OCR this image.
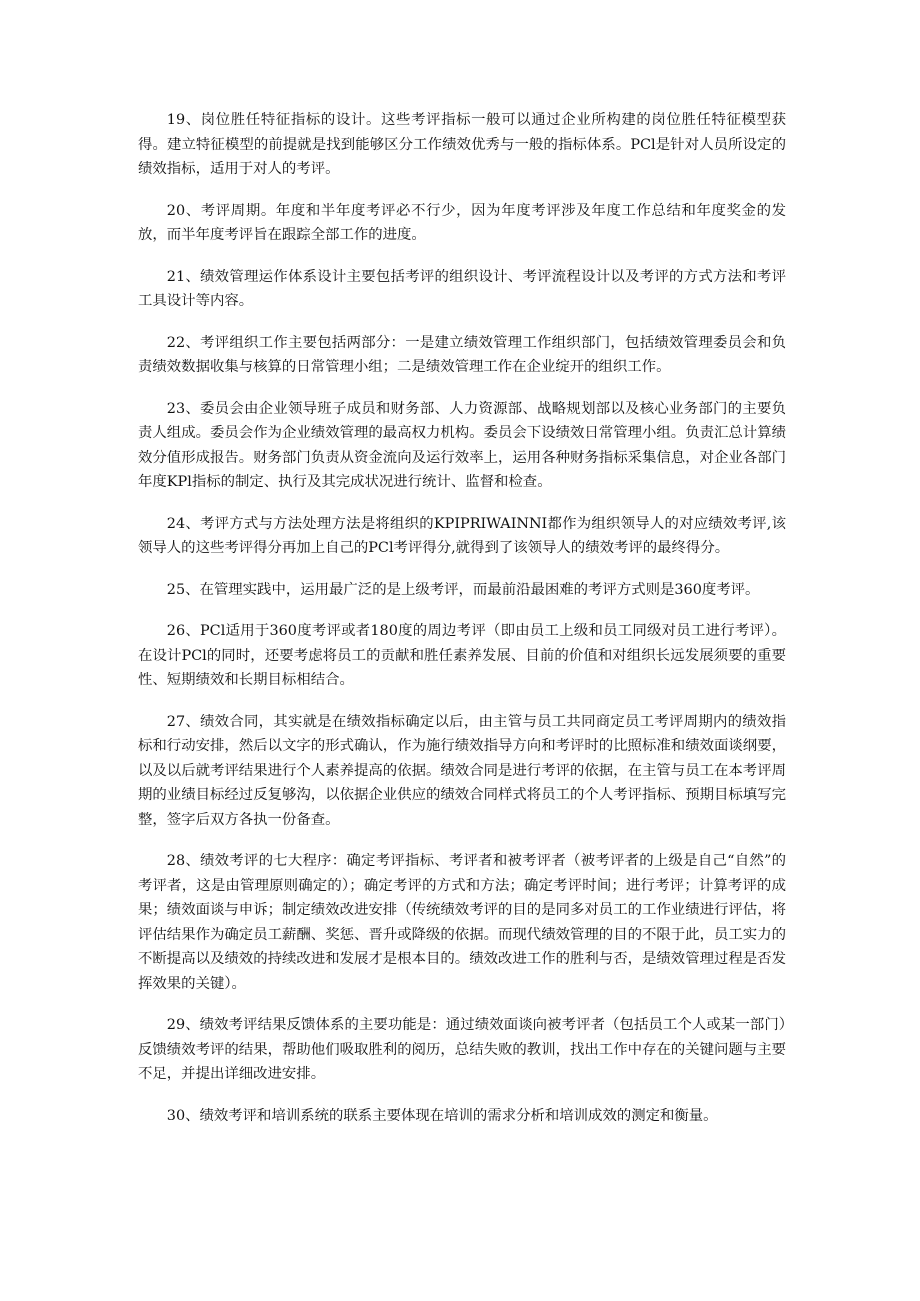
19、岗位胜任特征指标的设计。这些考评指标一般可以通过企业所构建的岗位胜任特征模型获得。建立特征模型的前提就是找到能够区分工作绩效优秀与一般的指标体系。PCl是针对人员所设定的绩效指标，适用于对人的考评。

20、考评周期。年度和半年度考评必不行少，因为年度考评涉及年度工作总结和年度奖金的发放，而半年度考评旨在跟踪全部工作的进度。

21、绩效管理运作体系设计主要包括考评的组织设计、考评流程设计以及考评的方式方法和考评工具设计等内容。

22、考评组织工作主要包括两部分：一是建立绩效管理工作组织部门，包括绩效管理委员会和负责绩效数据收集与核算的日常管理小组；二是绩效管理工作在企业绽开的组织工作。

23、委员会由企业领导班子成员和财务部、人力资源部、战略规划部以及核心业务部门的主要负责人组成。委员会作为企业绩效管理的最高权力机构。委员会下设绩效日常管理小组。负责汇总计算绩效分值形成报告。财务部门负责从资金流向及运行效率上，运用各种财务指标采集信息，对企业各部门年度KPl指标的制定、执行及其完成状况进行统计、监督和检查。

24、考评方式与方法处理方法是将组织的KPIPRIWAINNI都作为组织领导人的对应绩效考评,该领导人的这些考评得分再加上自己的PCl考评得分,就得到了该领导人的绩效考评的最终得分。

25、在管理实践中，运用最广泛的是上级考评，而最前沿最困难的考评方式则是360度考评。

26、PCl适用于360度考评或者180度的周边考评（即由员工上级和员工同级对员工进行考评）。在设计PCl的同时，还要考虑将员工的贡献和胜任素养发展、目前的价值和对组织长远发展须要的重要性、短期绩效和长期目标相结合。

27、绩效合同，其实就是在绩效指标确定以后，由主管与员工共同商定员工考评周期内的绩效指标和行动安排，然后以文字的形式确认，作为施行绩效指导方向和考评时的比照标准和绩效面谈纲要，以及以后就考评结果进行个人素养提高的依据。绩效合同是进行考评的依据，在主管与员工在本考评周期的业绩目标经过反复够沟，以依据企业供应的绩效合同样式将员工的个人考评指标、预期目标填写完整，签字后双方各执一份备查。

28、绩效考评的七大程序：确定考评指标、考评者和被考评者（被考评者的上级是自己“自然”的考评者，这是由管理原则确定的）；确定考评的方式和方法；确定考评时间；进行考评；计算考评的成果；绩效面谈与申诉；制定绩效改进安排（传统绩效考评的目的是同多对员工的工作业绩进行评估，将评估结果作为确定员工薪酬、奖惩、晋升或降级的依据。而现代绩效管理的目的不限于此，员工实力的不断提高以及绩效的持续改进和发展才是根本目的。绩效改进工作的胜利与否，是绩效管理过程是否发挥效果的关键）。

29、绩效考评结果反馈体系的主要功能是：通过绩效面谈向被考评者（包括员工个人或某一部门）反馈绩效考评的结果，帮助他们吸取胜利的阅历，总结失败的教训，找出工作中存在的关键问题与主要不足，并提出详细改进安排。

30、绩效考评和培训系统的联系主要体现在培训的需求分析和培训成效的测定和衡量。
